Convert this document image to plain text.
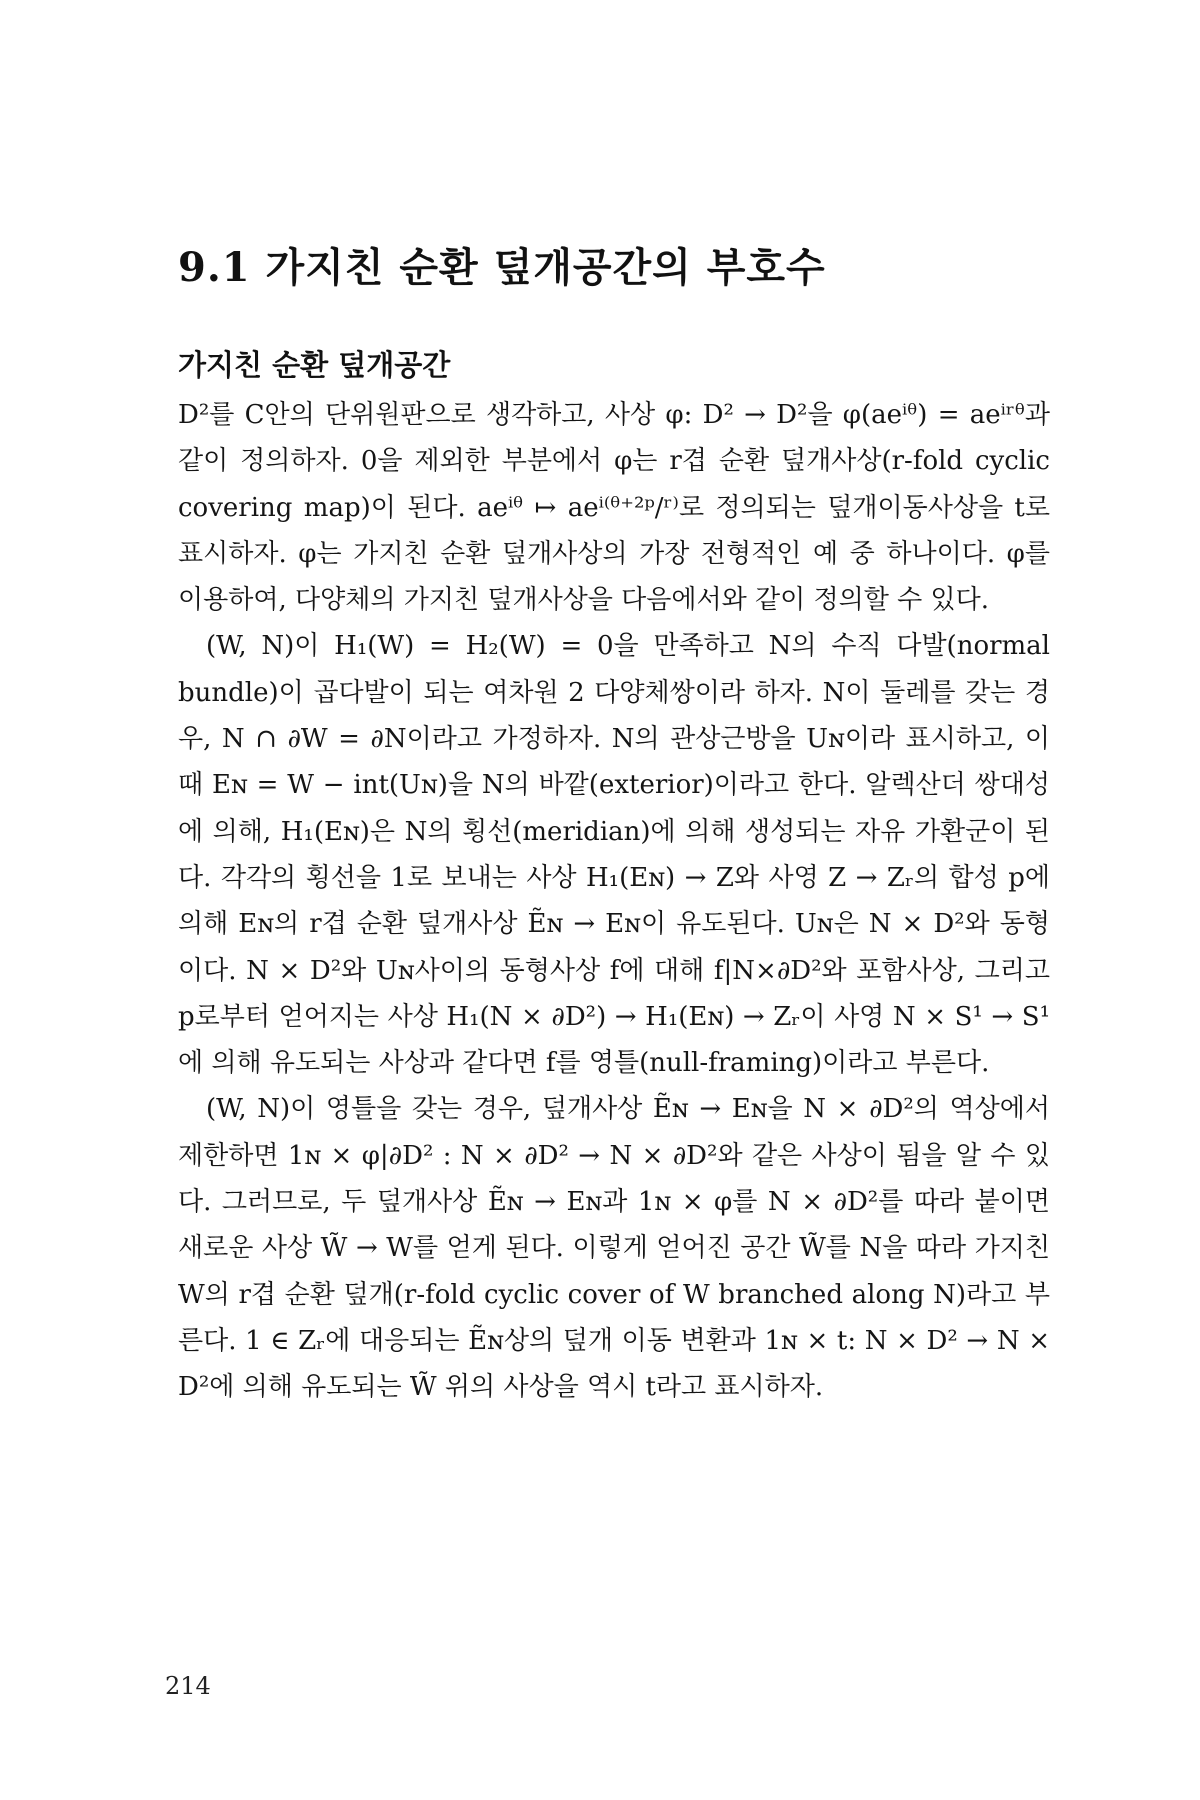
9.1 가지친 순환 덮개공간의 부호수
가지친 순환 덮개공간

D²를 C안의 단위원판으로 생각하고, 사상 φ: D² → D²을 φ(aeⁱᶿ) = aeⁱʳᶿ과 같이 정의하자. 0을 제외한 부분에서 φ는 r겹 순환 덮개사상(r-fold cyclic covering map)이 된다. aeⁱᶿ ↦ aeⁱ⁽ᶿ⁺²ᵖ/ʳ⁾로 정의되는 덮개이동사상을 t로 표시하자. φ는 가지친 순환 덮개사상의 가장 전형적인 예 중 하나이다. φ를 이용하여, 다양체의 가지친 덮개사상을 다음에서와 같이 정의할 수 있다.

(W, N)이 H₁(W) = H₂(W) = 0을 만족하고 N의 수직 다발(normal bundle)이 곱다발이 되는 여차원 2 다양체쌍이라 하자. N이 둘레를 갖는 경우, N ∩ ∂W = ∂N이라고 가정하자. N의 관상근방을 Uɴ이라 표시하고, 이때 Eɴ = W − int(Uɴ)을 N의 바깥(exterior)이라고 한다. 알렉산더 쌍대성에 의해, H₁(Eɴ)은 N의 횡선(meridian)에 의해 생성되는 자유 가환군이 된다. 각각의 횡선을 1로 보내는 사상 H₁(Eɴ) → Z와 사영 Z → Zᵣ의 합성 p에 의해 Eɴ의 r겹 순환 덮개사상 Ẽɴ → Eɴ이 유도된다. Uɴ은 N × D²와 동형이다. N × D²와 Uɴ사이의 동형사상 f에 대해 f|N×∂D²와 포함사상, 그리고 p로부터 얻어지는 사상 H₁(N × ∂D²) → H₁(Eɴ) → Zᵣ이 사영 N × S¹ → S¹에 의해 유도되는 사상과 같다면 f를 영틀(null-framing)이라고 부른다.

(W, N)이 영틀을 갖는 경우, 덮개사상 Ẽɴ → Eɴ을 N × ∂D²의 역상에서 제한하면 1ɴ × φ|∂D² : N × ∂D² → N × ∂D²와 같은 사상이 됨을 알 수 있다. 그러므로, 두 덮개사상 Ẽɴ → Eɴ과 1ɴ × φ를 N × ∂D²를 따라 붙이면 새로운 사상 W̃ → W를 얻게 된다. 이렇게 얻어진 공간 W̃를 N을 따라 가지친 W의 r겹 순환 덮개(r-fold cyclic cover of W branched along N)라고 부른다. 1 ∈ Zᵣ에 대응되는 Ẽɴ상의 덮개 이동 변환과 1ɴ × t: N × D² → N × D²에 의해 유도되는 W̃ 위의 사상을 역시 t라고 표시하자.

214
